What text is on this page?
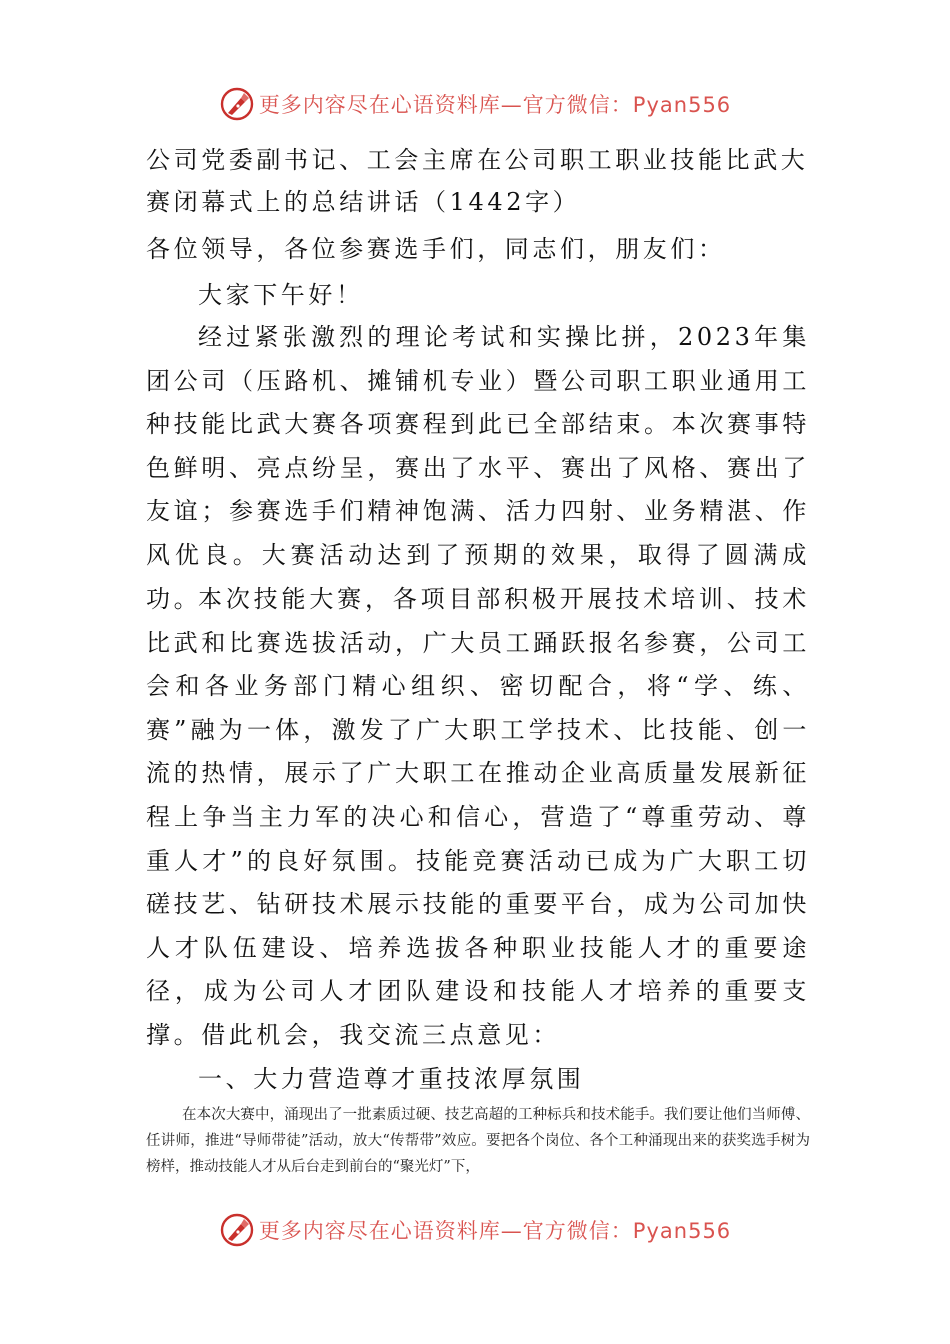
更多内容尽在心语资料库—官方微信：Pyan556
公司党委副书记、工会主席在公司职工职业技能比武大赛闭幕式上的总结讲话（1442字）

各位领导，各位参赛选手们，同志们，朋友们：

大家下午好！

经过紧张激烈的理论考试和实操比拼，2023年集团公司（压路机、摊铺机专业）暨公司职工职业通用工种技能比武大赛各项赛程到此已全部结束。本次赛事特色鲜明、亮点纷呈，赛出了水平、赛出了风格、赛出了友谊；参赛选手们精神饱满、活力四射、业务精湛、作风优良。大赛活动达到了预期的效果，取得了圆满成功。

本次技能大赛，各项目部积极开展技术培训、技术比武和比赛选拔活动，广大员工踊跃报名参赛，公司工会和各业务部门精心组织、密切配合，将“学、练、赛”融为一体，激发了广大职工学技术、比技能、创一流的热情，展示了广大职工在推动企业高质量发展新征程上争当主力军的决心和信心，营造了“尊重劳动、尊重人才”的良好氛围。技能竞赛活动已成为广大职工切磋技艺、钻研技术展示技能的重要平台，成为公司加快人才队伍建设、培养选拔各种职业技能人才的重要途径，成为公司人才团队建设和技能人才培养的重要支撑。借此机会，我交流三点意见：

一、大力营造尊才重技浓厚氛围

在本次大赛中，涌现出了一批素质过硬、技艺高超的工种标兵和技术能手。我们要让他们当师傅、任讲师，推进“导师带徒”活动，放大“传帮带”效应。要把各个岗位、各个工种涌现出来的获奖选手树为榜样，推动技能人才从后台走到前台的“聚光灯”下，

更多内容尽在心语资料库—官方微信：Pyan556
